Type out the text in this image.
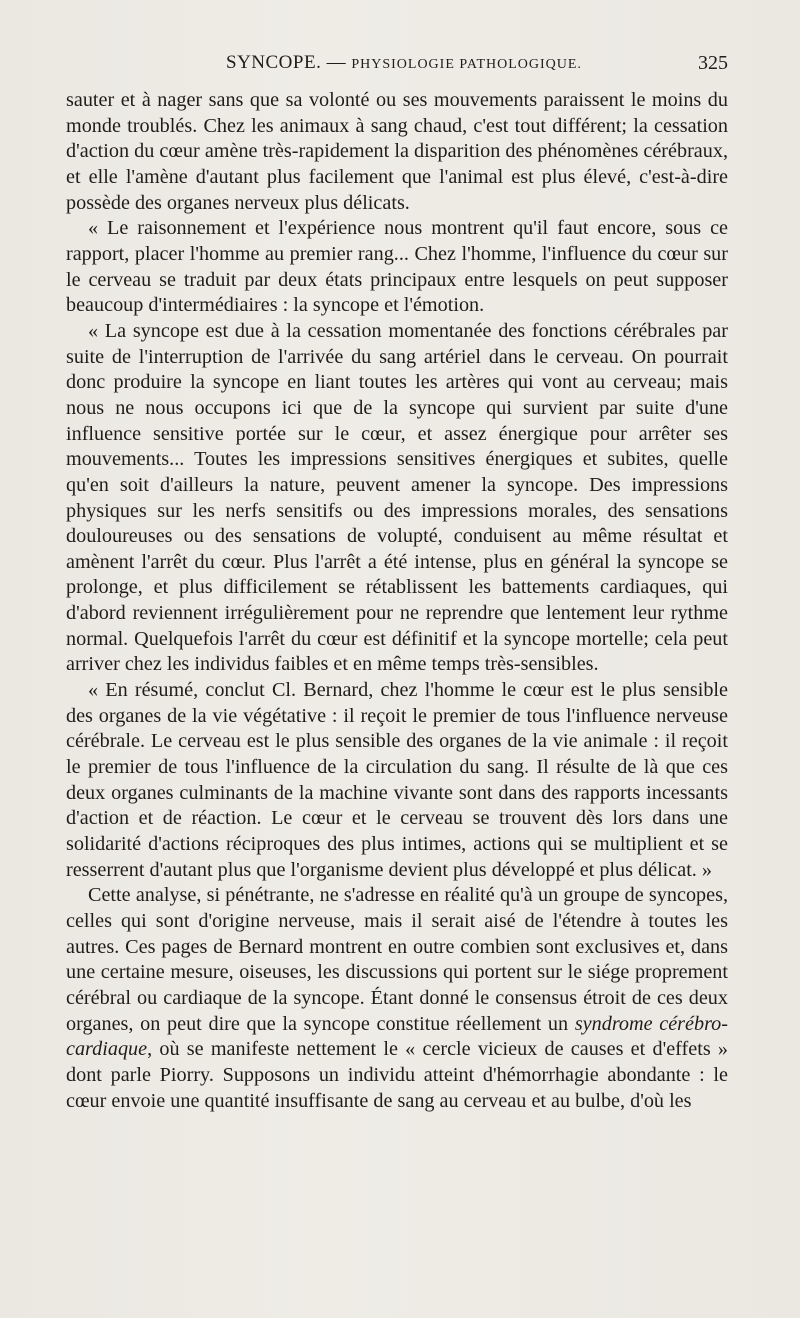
SYNCOPE. — PHYSIOLOGIE PATHOLOGIQUE.	325

sauter et à nager sans que sa volonté ou ses mouvements paraissent le moins du monde troublés. Chez les animaux à sang chaud, c'est tout différent; la cessation d'action du cœur amène très-rapidement la disparition des phénomènes cérébraux, et elle l'amène d'autant plus facilement que l'animal est plus élevé, c'est-à-dire possède des organes nerveux plus délicats.

« Le raisonnement et l'expérience nous montrent qu'il faut encore, sous ce rapport, placer l'homme au premier rang... Chez l'homme, l'influence du cœur sur le cerveau se traduit par deux états principaux entre lesquels on peut supposer beaucoup d'intermédiaires : la syncope et l'émotion.

« La syncope est due à la cessation momentanée des fonctions cérébrales par suite de l'interruption de l'arrivée du sang artériel dans le cerveau. On pourrait donc produire la syncope en liant toutes les artères qui vont au cerveau; mais nous ne nous occupons ici que de la syncope qui survient par suite d'une influence sensitive portée sur le cœur, et assez énergique pour arrêter ses mouvements... Toutes les impressions sensitives énergiques et subites, quelle qu'en soit d'ailleurs la nature, peuvent amener la syncope. Des impressions physiques sur les nerfs sensitifs ou des impressions morales, des sensations douloureuses ou des sensations de volupté, conduisent au même résultat et amènent l'arrêt du cœur. Plus l'arrêt a été intense, plus en général la syncope se prolonge, et plus difficilement se rétablissent les battements cardiaques, qui d'abord reviennent irrégulièrement pour ne reprendre que lentement leur rythme normal. Quelquefois l'arrêt du cœur est définitif et la syncope mortelle; cela peut arriver chez les individus faibles et en même temps très-sensibles.

« En résumé, conclut Cl. Bernard, chez l'homme le cœur est le plus sensible des organes de la vie végétative : il reçoit le premier de tous l'influence nerveuse cérébrale. Le cerveau est le plus sensible des organes de la vie animale : il reçoit le premier de tous l'influence de la circulation du sang. Il résulte de là que ces deux organes culminants de la machine vivante sont dans des rapports incessants d'action et de réaction. Le cœur et le cerveau se trouvent dès lors dans une solidarité d'actions réciproques des plus intimes, actions qui se multiplient et se resserrent d'autant plus que l'organisme devient plus développé et plus délicat. »

Cette analyse, si pénétrante, ne s'adresse en réalité qu'à un groupe de syncopes, celles qui sont d'origine nerveuse, mais il serait aisé de l'étendre à toutes les autres. Ces pages de Bernard montrent en outre combien sont exclusives et, dans une certaine mesure, oiseuses, les discussions qui portent sur le siége proprement cérébral ou cardiaque de la syncope. Étant donné le consensus étroit de ces deux organes, on peut dire que la syncope constitue réellement un syndrome cérébro-cardiaque, où se manifeste nettement le « cercle vicieux de causes et d'effets » dont parle Piorry. Supposons un individu atteint d'hémorrhagie abondante : le cœur envoie une quantité insuffisante de sang au cerveau et au bulbe, d'où les
